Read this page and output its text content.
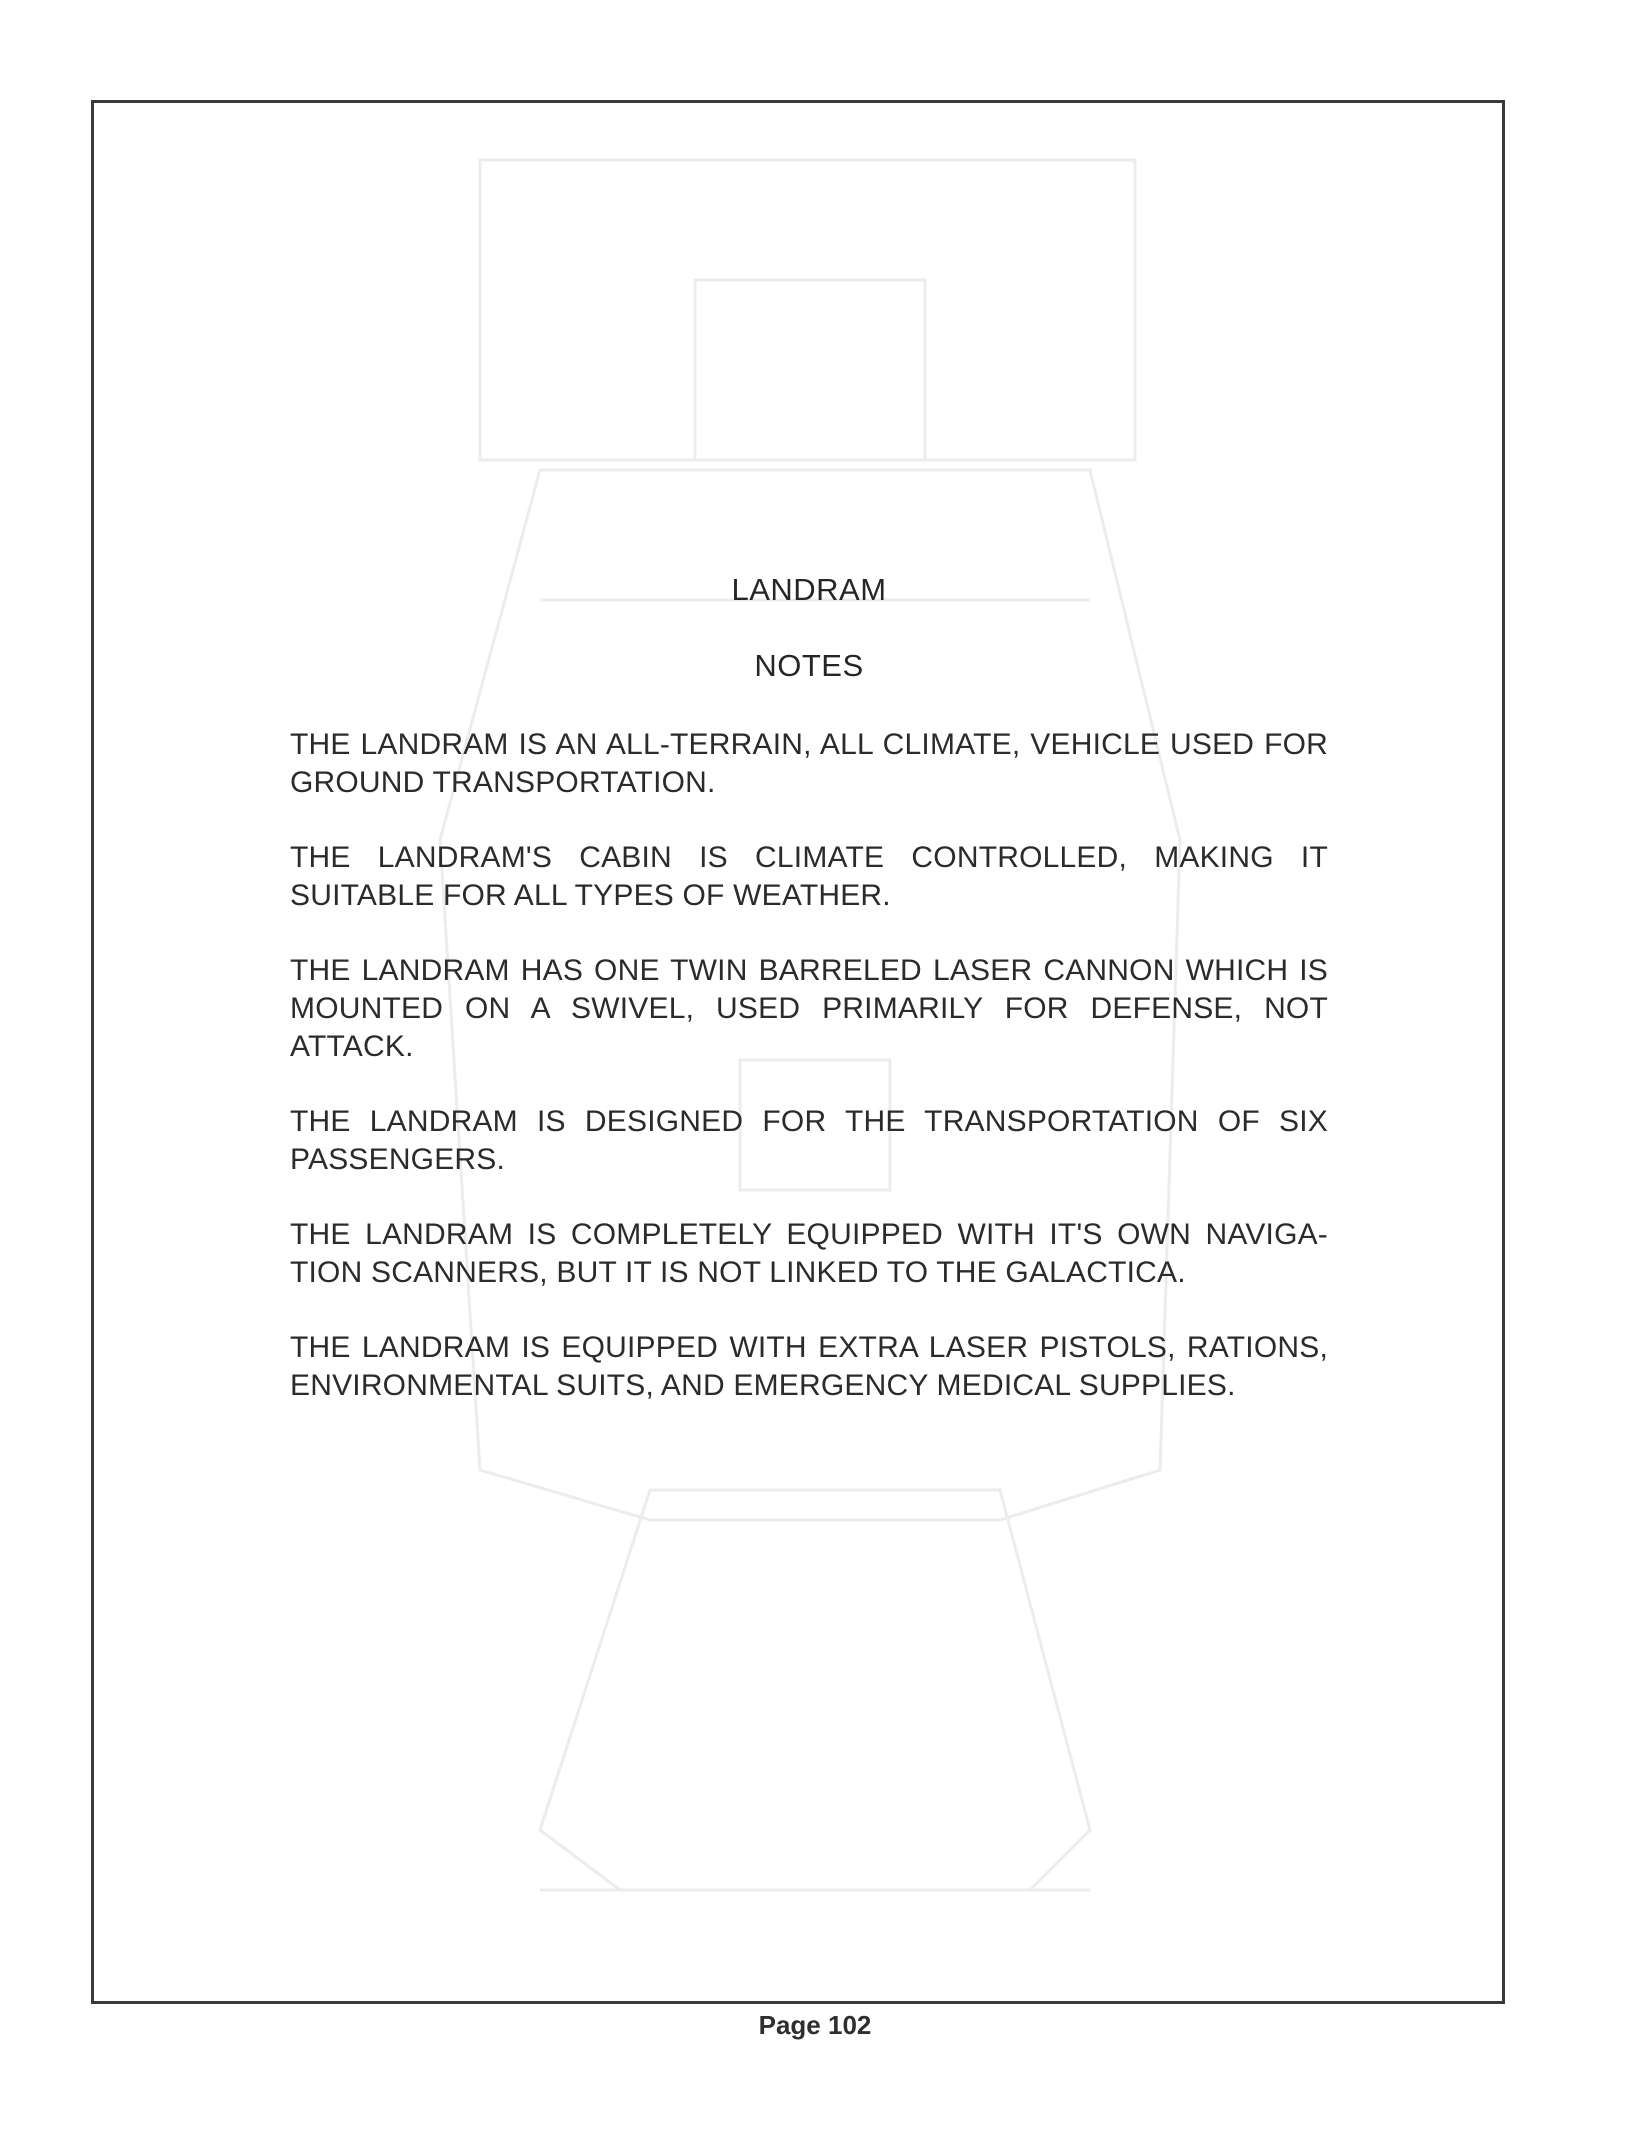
LANDRAM
NOTES

THE LANDRAM IS AN ALL-TERRAIN, ALL CLIMATE, VEHICLE USED FOR GROUND TRANSPORTATION.

THE LANDRAM'S CABIN IS CLIMATE CONTROLLED, MAKING IT SUITABLE FOR ALL TYPES OF WEATHER.

THE LANDRAM HAS ONE TWIN BARRELED LASER CANNON WHICH IS MOUNTED ON A SWIVEL, USED PRIMARILY FOR DEFENSE, NOT ATTACK.

THE LANDRAM IS DESIGNED FOR THE TRANSPORTATION OF SIX PASSENGERS.

THE LANDRAM IS COMPLETELY EQUIPPED WITH IT'S OWN NAVIGA-TION SCANNERS, BUT IT IS NOT LINKED TO THE GALACTICA.

THE LANDRAM IS EQUIPPED WITH EXTRA LASER PISTOLS, RATIONS, ENVIRONMENTAL SUITS, AND EMERGENCY MEDICAL SUPPLIES.

Page 102
